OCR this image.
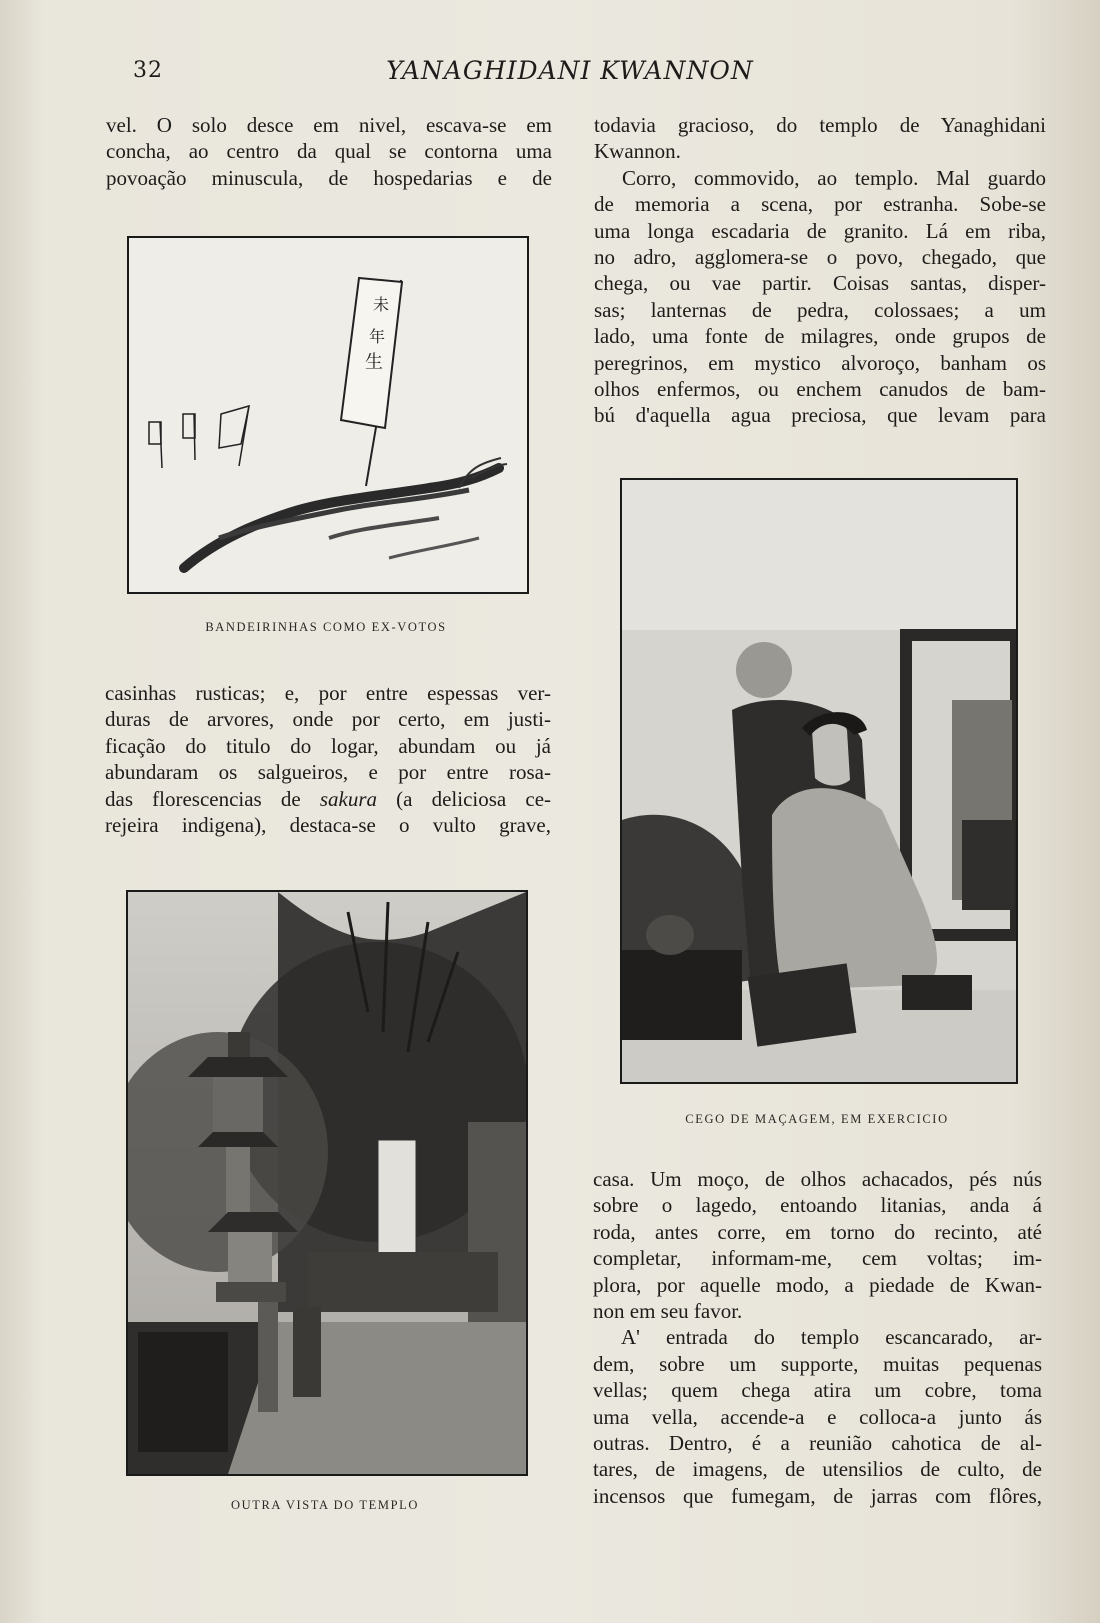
32	YANAGHIDANI KWANNON
vel. O solo desce em nivel, escava-se em
concha, ao centro da qual se contorna uma
povoação minuscula, de hospedarias e de
未
年
生
BANDEIRINHAS COMO EX-VOTOS
casinhas rusticas; e, por entre espessas ver-
duras de arvores, onde por certo, em justi-
ficação do titulo do logar, abundam ou já
abundaram os salgueiros, e por entre rosa-
das florescencias de sakura (a deliciosa ce-
rejeira indigena), destaca-se o vulto grave,
OUTRA VISTA DO TEMPLO
todavia gracioso, do templo de Yanaghidani
Kwannon.
Corro, commovido, ao templo. Mal guardo
de memoria a scena, por estranha. Sobe-se
uma longa escadaria de granito. Lá em riba,
no adro, agglomera-se o povo, chegado, que
chega, ou vae partir. Coisas santas, disper-
sas; lanternas de pedra, colossaes; a um
lado, uma fonte de milagres, onde grupos de
peregrinos, em mystico alvoroço, banham os
olhos enfermos, ou enchem canudos de bam-
bú d'aquella agua preciosa, que levam para
CEGO DE MAÇAGEM, EM EXERCICIO
casa. Um moço, de olhos achacados, pés nús
sobre o lagedo, entoando litanias, anda á
roda, antes corre, em torno do recinto, até
completar, informam-me, cem voltas; im-
plora, por aquelle modo, a piedade de Kwan-
non em seu favor.
A' entrada do templo escancarado, ar-
dem, sobre um supporte, muitas pequenas
vellas; quem chega atira um cobre, toma
uma vella, accende-a e colloca-a junto ás
outras. Dentro, é a reunião cahotica de al-
tares, de imagens, de utensilios de culto, de
incensos que fumegam, de jarras com flôres,
